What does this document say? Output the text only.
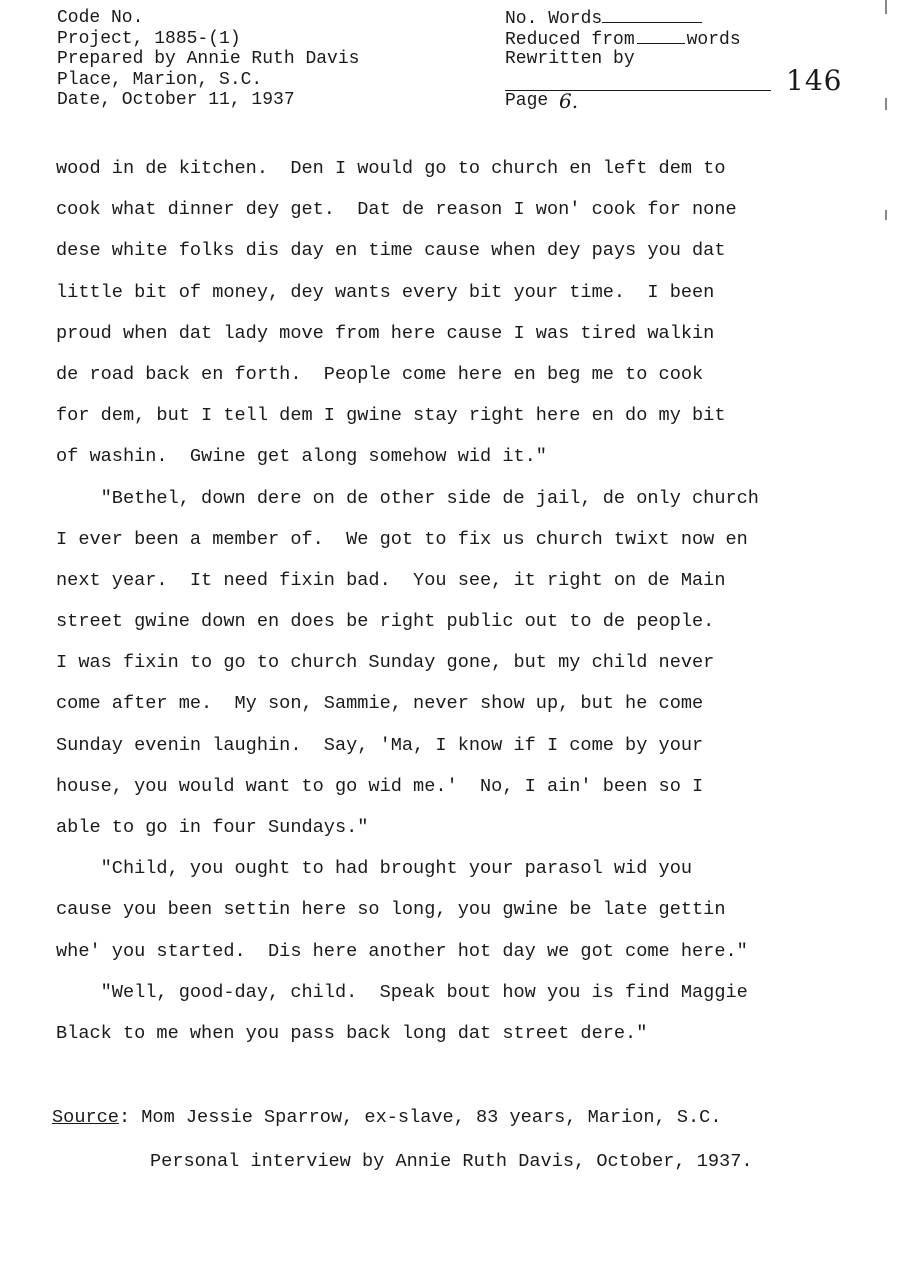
Code No.
Project, 1885-(1)
Prepared by Annie Ruth Davis
Place, Marion, S.C.
Date, October 11, 1937
No. Words
Reduced from	words
Rewritten by
Page 6.
146
wood in de kitchen.  Den I would go to church en left dem to
cook what dinner dey get.  Dat de reason I won' cook for none
dese white folks dis day en time cause when dey pays you dat
little bit of money, dey wants every bit your time.  I been
proud when dat lady move from here cause I was tired walkin
de road back en forth.  People come here en beg me to cook
for dem, but I tell dem I gwine stay right here en do my bit
of washin.  Gwine get along somehow wid it."
"Bethel, down dere on de other side de jail, de only church
I ever been a member of.  We got to fix us church twixt now en
next year.  It need fixin bad.  You see, it right on de Main
street gwine down en does be right public out to de people.
I was fixin to go to church Sunday gone, but my child never
come after me.  My son, Sammie, never show up, but he come
Sunday evenin laughin.  Say, 'Ma, I know if I come by your
house, you would want to go wid me.'  No, I ain' been so I
able to go in four Sundays."
"Child, you ought to had brought your parasol wid you
cause you been settin here so long, you gwine be late gettin
whe' you started.  Dis here another hot day we got come here."
"Well, good-day, child.  Speak bout how you is find Maggie
Black to me when you pass back long dat street dere."
Source: Mom Jessie Sparrow, ex-slave, 83 years, Marion, S.C.
Personal interview by Annie Ruth Davis, October, 1937.
